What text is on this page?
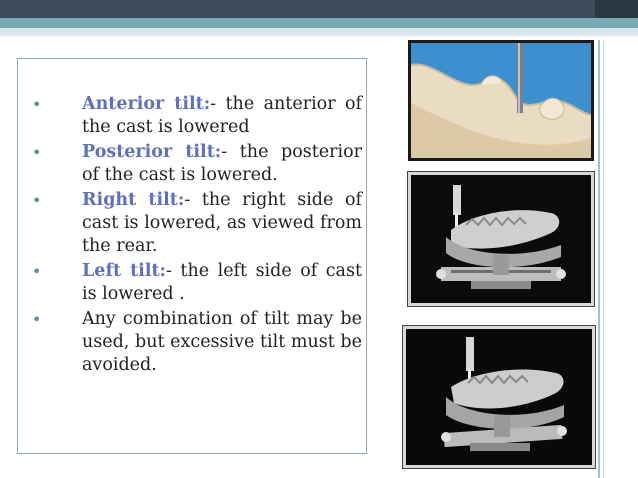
• Anterior tilt:- the anterior of the cast is lowered
• Posterior tilt:- the posterior of the cast is lowered.
• Right tilt:- the right side of cast is lowered, as viewed from the rear.
• Left tilt:- the left side of cast is lowered .
• Any combination of tilt may be used, but excessive tilt must be avoided.
